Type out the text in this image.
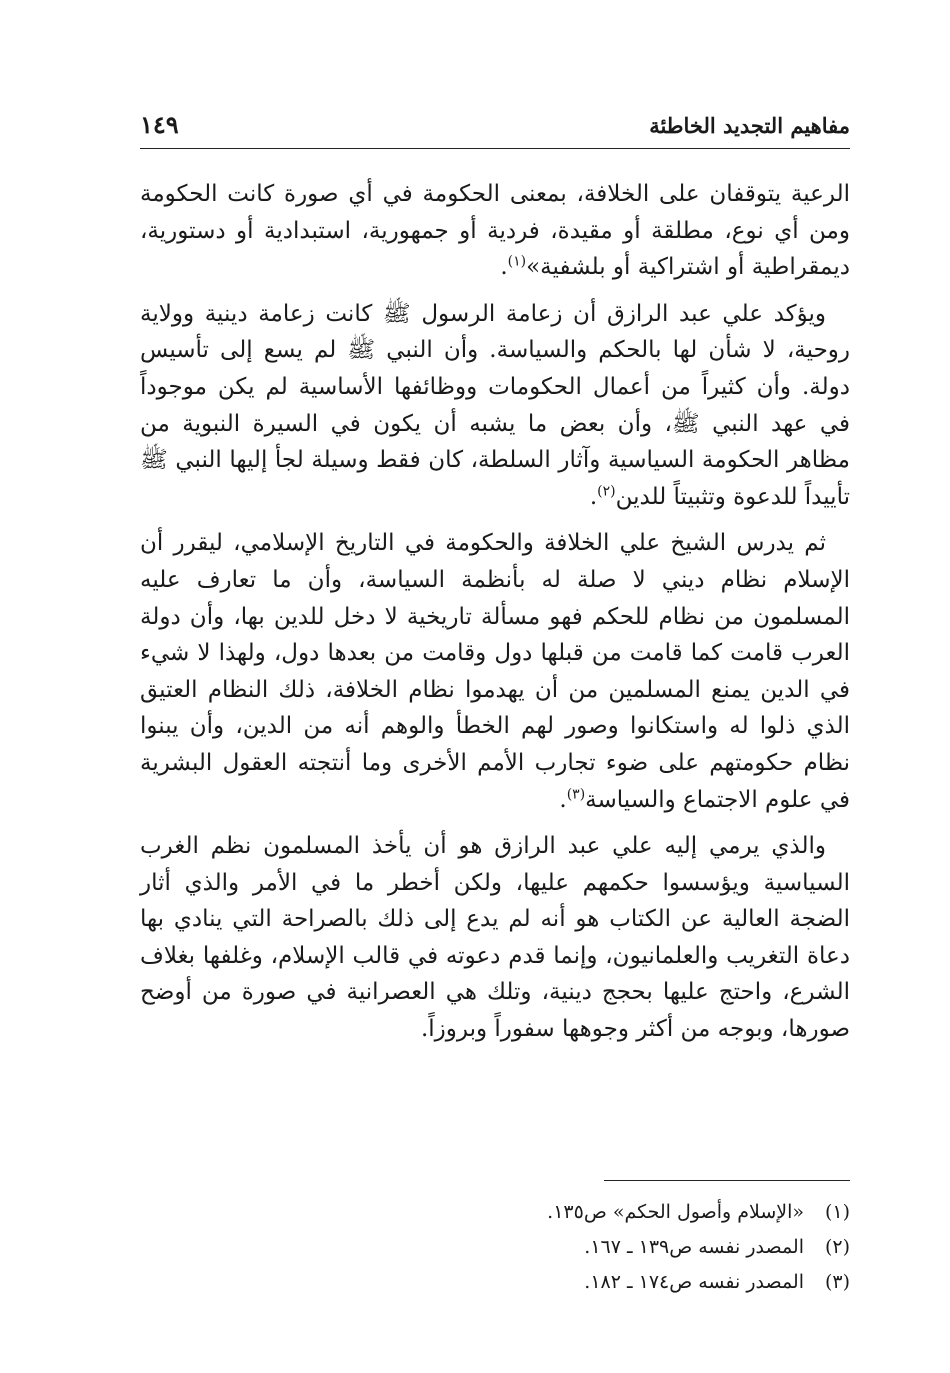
مفاهيم التجديد الخاطئة
١٤٩

الرعية يتوقفان على الخلافة، بمعنى الحكومة في أي صورة كانت الحكومة ومن أي نوع، مطلقة أو مقيدة، فردية أو جمهورية، استبدادية أو دستورية، ديمقراطية أو اشتراكية أو بلشفية»$^{(١)}$.

ويؤكد علي عبد الرازق أن زعامة الرسول ﷺ كانت زعامة دينية وولاية روحية، لا شأن لها بالحكم والسياسة. وأن النبي ﷺ لم يسع إلى تأسيس دولة. وأن كثيراً من أعمال الحكومات ووظائفها الأساسية لم يكن موجوداً في عهد النبي ﷺ، وأن بعض ما يشبه أن يكون في السيرة النبوية من مظاهر الحكومة السياسية وآثار السلطة، كان فقط وسيلة لجأ إليها النبي ﷺ تأييداً للدعوة وتثبيتاً للدين$^{(٢)}$.

ثم يدرس الشيخ علي الخلافة والحكومة في التاريخ الإسلامي، ليقرر أن الإسلام نظام ديني لا صلة له بأنظمة السياسة، وأن ما تعارف عليه المسلمون من نظام للحكم فهو مسألة تاريخية لا دخل للدين بها، وأن دولة العرب قامت كما قامت من قبلها دول وقامت من بعدها دول، ولهذا لا شيء في الدين يمنع المسلمين من أن يهدموا نظام الخلافة، ذلك النظام العتيق الذي ذلوا له واستكانوا وصور لهم الخطأ والوهم أنه من الدين، وأن يبنوا نظام حكومتهم على ضوء تجارب الأمم الأخرى وما أنتجته العقول البشرية في علوم الاجتماع والسياسة$^{(٣)}$.

والذي يرمي إليه علي عبد الرازق هو أن يأخذ المسلمون نظم الغرب السياسية ويؤسسوا حكمهم عليها، ولكن أخطر ما في الأمر والذي أثار الضجة العالية عن الكتاب هو أنه لم يدع إلى ذلك بالصراحة التي ينادي بها دعاة التغريب والعلمانيون، وإنما قدم دعوته في قالب الإسلام، وغلفها بغلاف الشرع، واحتج عليها بحجج دينية، وتلك هي العصرانية في صورة من أوضح صورها، وبوجه من أكثر وجوهها سفوراً وبروزاً.

(١)
«الإسلام وأصول الحكم» ص١٣٥.
(٢)
المصدر نفسه ص١٣٩ ـ ١٦٧.
(٣)
المصدر نفسه ص١٧٤ ـ ١٨٢.
